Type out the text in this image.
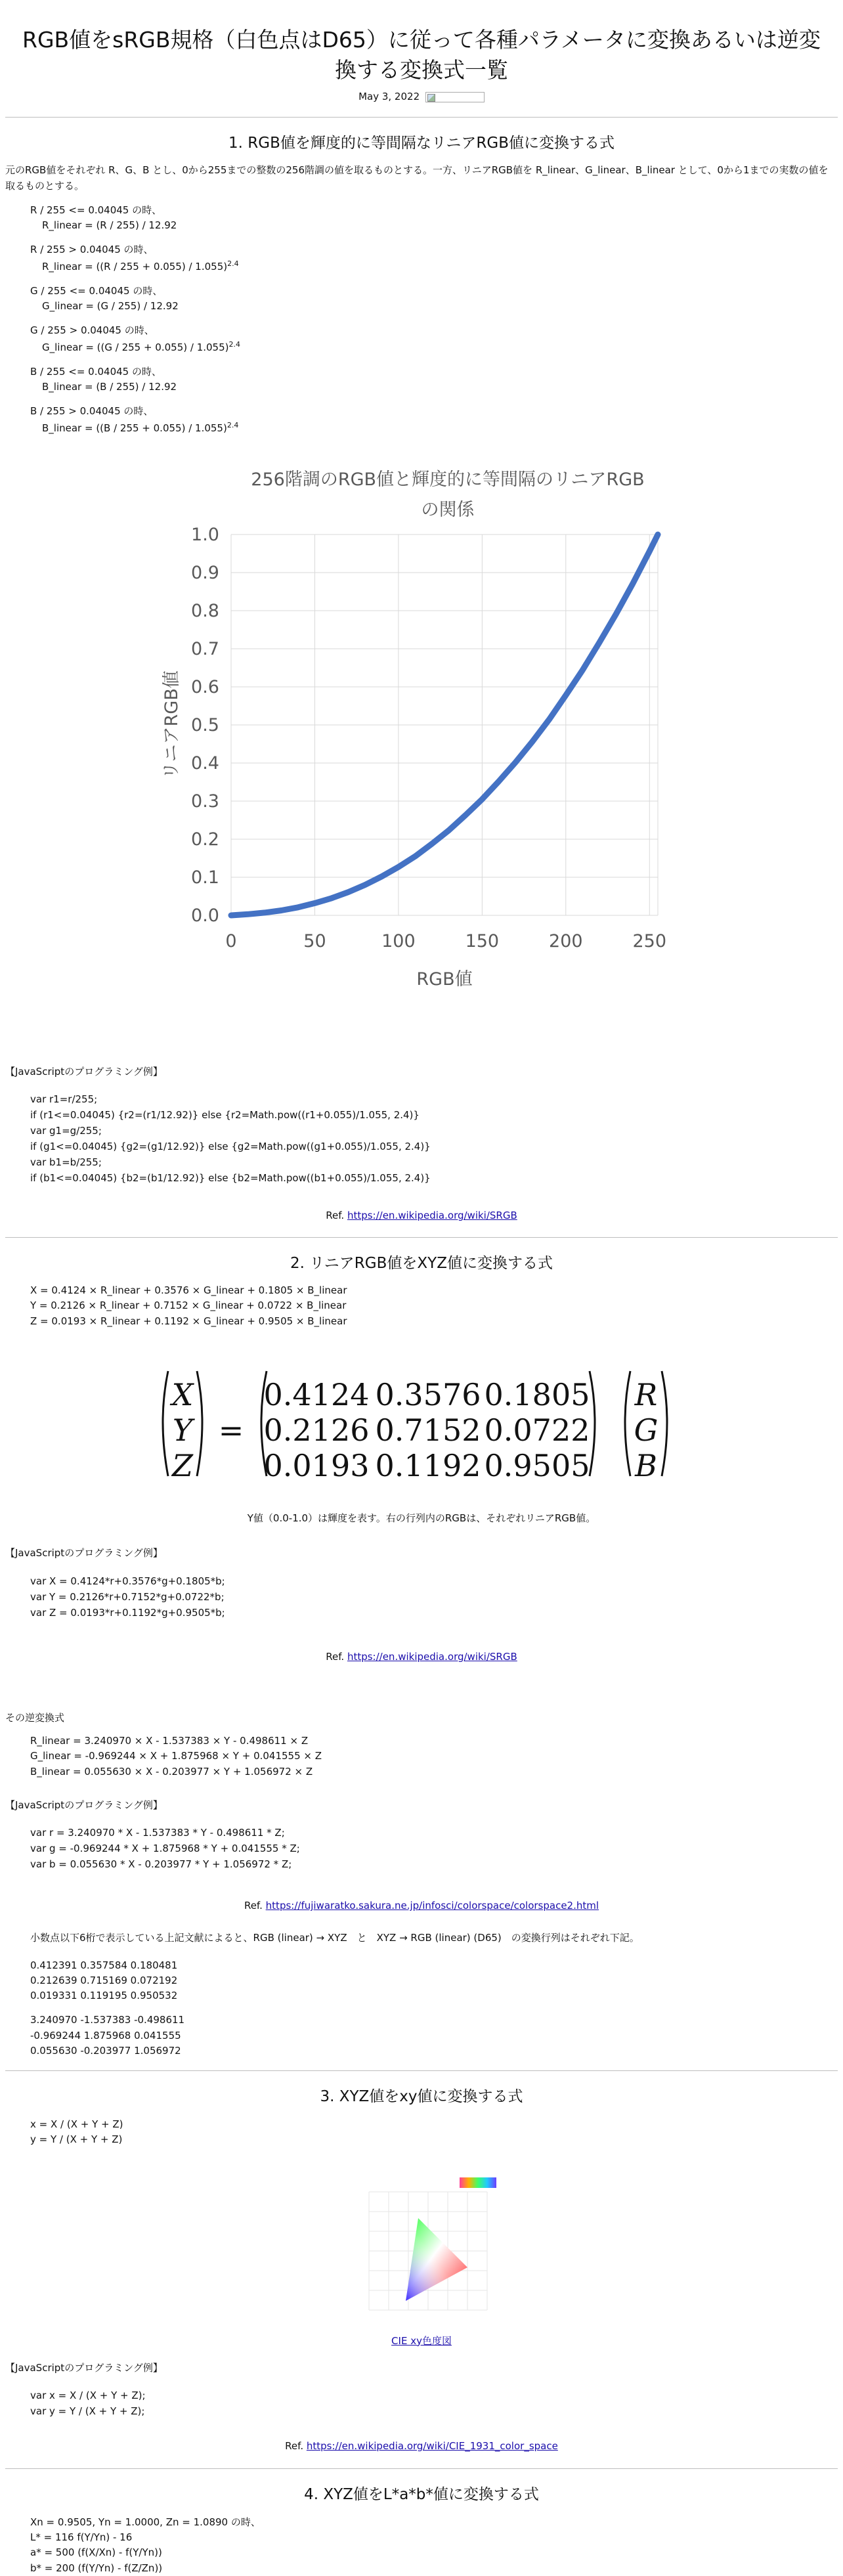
RGB値をsRGB規格（白色点はD65）に従って各種パラメータに変換あるいは逆変換する変換式一覧
May 3, 2022
1. RGB値を輝度的に等間隔なリニアRGB値に変換する式

元のRGB値をそれぞれ R、G、B とし、0から255までの整数の256階調の値を取るものとする。一方、リニアRGB値を R_linear、G_linear、B_linear として、0から1までの実数の値を取るものとする。

R / 255 <= 0.04045 の時、
R_linear = (R / 255) / 12.92
R / 255 > 0.04045 の時、
R_linear = $((R / 255 + 0.055) / 1.055)^{2.4}$
G / 255 <= 0.04045 の時、
G_linear = (G / 255) / 12.92
G / 255 > 0.04045 の時、
G_linear = $((G / 255 + 0.055) / 1.055)^{2.4}$
B / 255 <= 0.04045 の時、
B_linear = (B / 255) / 12.92
B / 255 > 0.04045 の時、
B_linear = $((B / 255 + 0.055) / 1.055)^{2.4}$
256階調のRGB値と輝度的に等間隔のリニアRGB の関係
0.0
0.1
0.2
0.3
0.4
0.5
0.6
0.7
0.8
0.9
1.0
0	50	100	150	200	250
RGB値
リニアRGB値

【JavaScriptのプログラミング例】

var r1=r/255;
if (r1<=0.04045) {r2=(r1/12.92)} else {r2=Math.pow((r1+0.055)/1.055, 2.4)}
var g1=g/255;
if (g1<=0.04045) {g2=(g1/12.92)} else {g2=Math.pow((g1+0.055)/1.055, 2.4)}
var b1=b/255;
if (b1<=0.04045) {b2=(b1/12.92)} else {b2=Math.pow((b1+0.055)/1.055, 2.4)}
Ref. https://en.wikipedia.org/wiki/SRGB
2. リニアRGB値をXYZ値に変換する式
X = 0.4124 × R_linear + 0.3576 × G_linear + 0.1805 × B_linear
Y = 0.2126 × R_linear + 0.7152 × G_linear + 0.0722 × B_linear
Z = 0.0193 × R_linear + 0.1192 × G_linear + 0.9505 × B_linear
X
Y
Z
=
0.4124 0.3576 0.1805
0.2126 0.7152 0.0722
0.0193 0.1192 0.9505
R
G
B

Y値（0.0-1.0）は輝度を表す。右の行列内のRGBは、それぞれリニアRGB値。

【JavaScriptのプログラミング例】

var X = 0.4124*r+0.3576*g+0.1805*b;
var Y = 0.2126*r+0.7152*g+0.0722*b;
var Z = 0.0193*r+0.1192*g+0.9505*b;
Ref. https://en.wikipedia.org/wiki/SRGB

その逆変換式

R_linear = 3.240970 × X - 1.537383 × Y - 0.498611 × Z
G_linear = -0.969244 × X + 1.875968 × Y + 0.041555 × Z
B_linear = 0.055630 × X - 0.203977 × Y + 1.056972 × Z

【JavaScriptのプログラミング例】

var r = 3.240970 * X - 1.537383 * Y - 0.498611 * Z;
var g = -0.969244 * X + 1.875968 * Y + 0.041555 * Z;
var b = 0.055630 * X - 0.203977 * Y + 1.056972 * Z;
Ref. https://fujiwaratko.sakura.ne.jp/infosci/colorspace/colorspace2.html

小数点以下6桁で表示している上記文献によると、RGB (linear) → XYZ　と　XYZ → RGB (linear) (D65)　の変換行列はそれぞれ下記。

0.412391 0.357584 0.180481
0.212639 0.715169 0.072192
0.019331 0.119195 0.950532
3.240970 -1.537383 -0.498611
-0.969244 1.875968 0.041555
0.055630 -0.203977 1.056972
3. XYZ値をxy値に変換する式
x = X / (X + Y + Z)
y = Y / (X + Y + Z)
CIE xy色度図

【JavaScriptのプログラミング例】

var x = X / (X + Y + Z);
var y = Y / (X + Y + Z);
Ref. https://en.wikipedia.org/wiki/CIE_1931_color_space
4. XYZ値をL*a*b*値に変換する式
Xn = 0.9505, Yn = 1.0000, Zn = 1.0890 の時、
L* = 116 f(Y/Yn) - 16
a* = 500 (f(X/Xn) - f(Y/Yn))
b* = 200 (f(Y/Yn) - f(Z/Zn))
